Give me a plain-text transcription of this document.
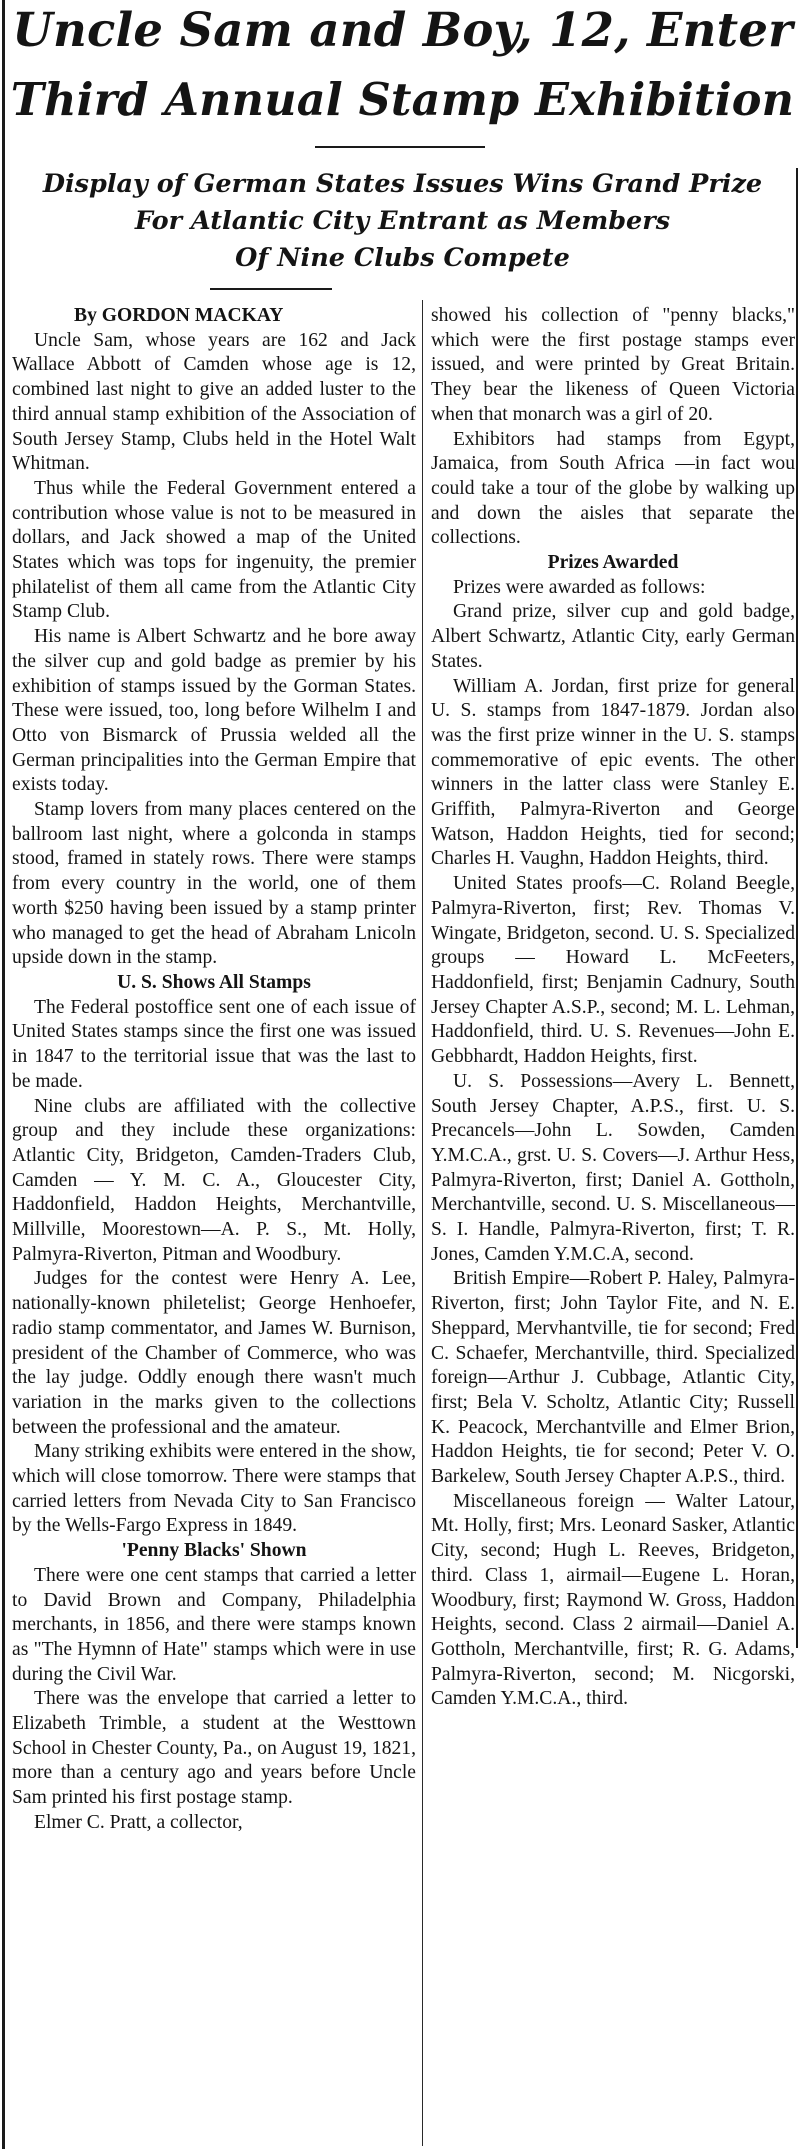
Uncle Sam and Boy, 12, Enter
Third Annual Stamp Exhibition
Display of German States Issues Wins Grand Prize
For Atlantic City Entrant as Members
Of Nine Clubs Compete

By GORDON MACKAY

Uncle Sam, whose years are 162 and Jack Wallace Abbott of Camden whose age is 12, combined last night to give an added luster to the third annual stamp exhibition of the Association of South Jersey Stamp, Clubs held in the Hotel Walt Whitman.

Thus while the Federal Government entered a contribution whose value is not to be measured in dollars, and Jack showed a map of the United States which was tops for ingenuity, the premier philatelist of them all came from the Atlantic City Stamp Club.

His name is Albert Schwartz and he bore away the silver cup and gold badge as premier by his exhibition of stamps issued by the Gorman States. These were issued, too, long before Wilhelm I and Otto von Bismarck of Prussia welded all the German principalities into the German Empire that exists today.

Stamp lovers from many places centered on the ballroom last night, where a golconda in stamps stood, framed in stately rows. There were stamps from every country in the world, one of them worth $250 having been issued by a stamp printer who managed to get the head of Abraham Lnicoln upside down in the stamp.

U. S. Shows All Stamps

The Federal postoffice sent one of each issue of United States stamps since the first one was issued in 1847 to the territorial issue that was the last to be made.

Nine clubs are affiliated with the collective group and they include these organizations: Atlantic City, Bridgeton, Camden-Traders Club, Camden — Y. M. C. A., Gloucester City, Haddonfield, Haddon Heights, Merchantville, Millville, Moorestown—A. P. S., Mt. Holly, Palmyra-Riverton, Pitman and Woodbury.

Judges for the contest were Henry A. Lee, nationally-known philetelist; George Henhoefer, radio stamp commentator, and James W. Burnison, president of the Chamber of Commerce, who was the lay judge. Oddly enough there wasn't much variation in the marks given to the collections between the professional and the amateur.

Many striking exhibits were entered in the show, which will close tomorrow. There were stamps that carried letters from Nevada City to San Francisco by the Wells-Fargo Express in 1849.

'Penny Blacks' Shown

There were one cent stamps that carried a letter to David Brown and Company, Philadelphia merchants, in 1856, and there were stamps known as "The Hymnn of Hate" stamps which were in use during the Civil War.

There was the envelope that carried a letter to Elizabeth Trimble, a student at the Westtown School in Chester County, Pa., on August 19, 1821, more than a century ago and years before Uncle Sam printed his first postage stamp.

Elmer C. Pratt, a collector,

showed his collection of "penny blacks," which were the first postage stamps ever issued, and were printed by Great Britain. They bear the likeness of Queen Victoria when that monarch was a girl of 20.

Exhibitors had stamps from Egypt, Jamaica, from South Africa —in fact wou could take a tour of the globe by walking up and down the aisles that separate the collections.

Prizes Awarded

Prizes were awarded as follows:

Grand prize, silver cup and gold badge, Albert Schwartz, Atlantic City, early German States.

William A. Jordan, first prize for general U. S. stamps from 1847-1879. Jordan also was the first prize winner in the U. S. stamps commemorative of epic events. The other winners in the latter class were Stanley E. Griffith, Palmyra-Riverton and George Watson, Haddon Heights, tied for second; Charles H. Vaughn, Haddon Heights, third.

United States proofs—C. Roland Beegle, Palmyra-Riverton, first; Rev. Thomas V. Wingate, Bridgeton, second. U. S. Specialized groups — Howard L. McFeeters, Haddonfield, first; Benjamin Cadnury, South Jersey Chapter A.S.P., second; M. L. Lehman, Haddonfield, third. U. S. Revenues—John E. Gebbhardt, Haddon Heights, first.

U. S. Possessions—Avery L. Bennett, South Jersey Chapter, A.P.S., first. U. S. Precancels—John L. Sowden, Camden Y.M.C.A., grst. U. S. Covers—J. Arthur Hess, Palmyra-Riverton, first; Daniel A. Gottholn, Merchantville, second. U. S. Miscellaneous—S. I. Handle, Palmyra-Riverton, first; T. R. Jones, Camden Y.M.C.A, second.

British Empire—Robert P. Haley, Palmyra-Riverton, first; John Taylor Fite, and N. E. Sheppard, Mervhantville, tie for second; Fred C. Schaefer, Merchantville, third. Specialized foreign—Arthur J. Cubbage, Atlantic City, first; Bela V. Scholtz, Atlantic City; Russell K. Peacock, Merchantville and Elmer Brion, Haddon Heights, tie for second; Peter V. O. Barkelew, South Jersey Chapter A.P.S., third.

Miscellaneous foreign — Walter Latour, Mt. Holly, first; Mrs. Leonard Sasker, Atlantic City, second; Hugh L. Reeves, Bridgeton, third. Class 1, airmail—Eugene L. Horan, Woodbury, first; Raymond W. Gross, Haddon Heights, second. Class 2 airmail—Daniel A. Gottholn, Merchantville, first; R. G. Adams, Palmyra-Riverton, second; M. Nicgorski, Camden Y.M.C.A., third.
